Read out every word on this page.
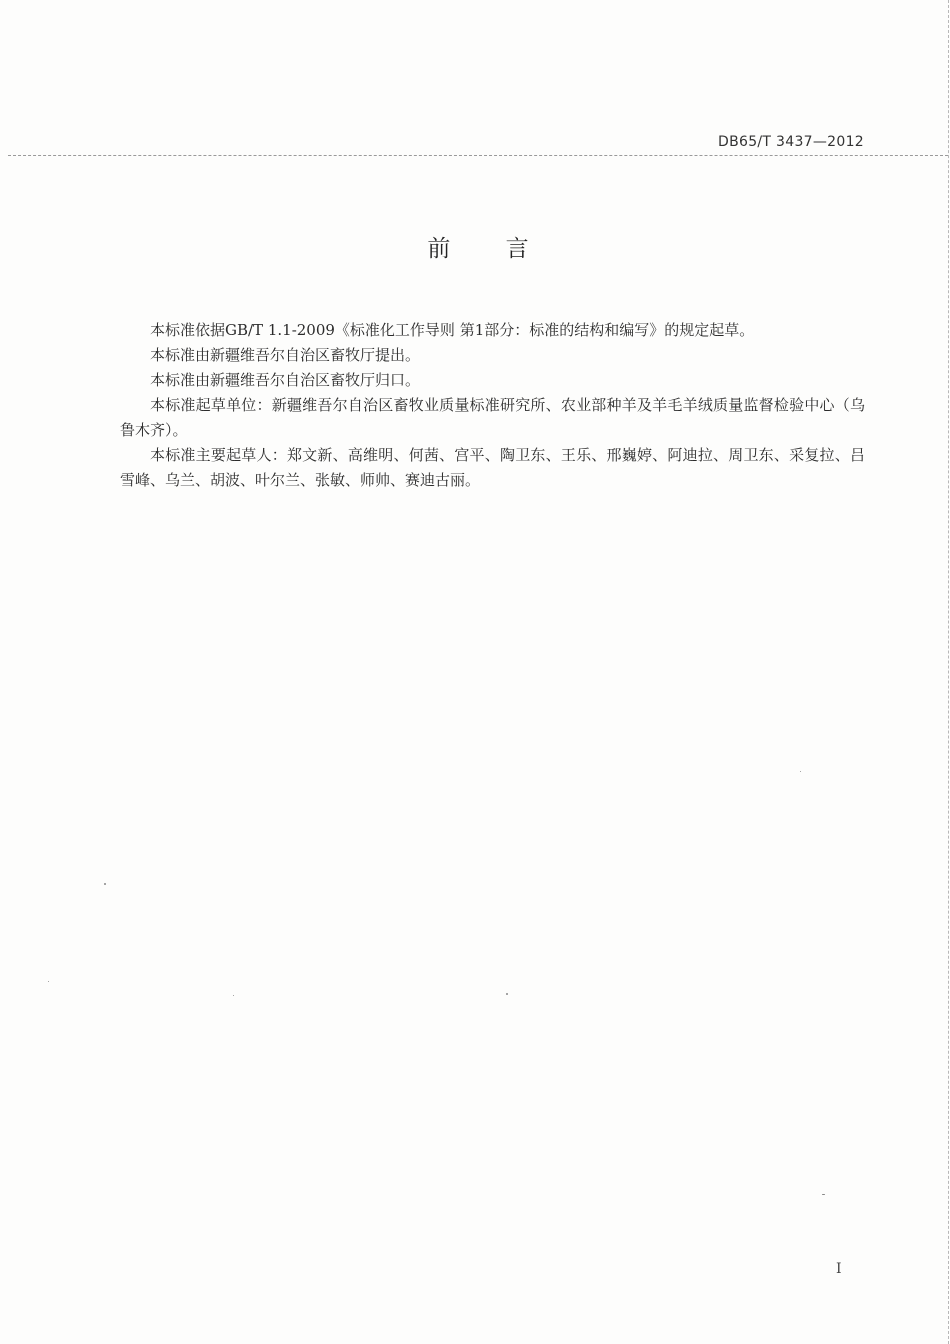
DB65/T 3437—2012
前 言

本标准依据GB/T 1.1-2009《标准化工作导则 第1部分：标准的结构和编写》的规定起草。

本标准由新疆维吾尔自治区畜牧厅提出。

本标准由新疆维吾尔自治区畜牧厅归口。

本标准起草单位：新疆维吾尔自治区畜牧业质量标准研究所、农业部种羊及羊毛羊绒质量监督检验中心（乌鲁木齐）。

本标准主要起草人：郑文新、高维明、何茜、宫平、陶卫东、王乐、邢巍婷、阿迪拉、周卫东、采复拉、吕雪峰、乌兰、胡波、叶尔兰、张敏、师帅、赛迪古丽。

I
